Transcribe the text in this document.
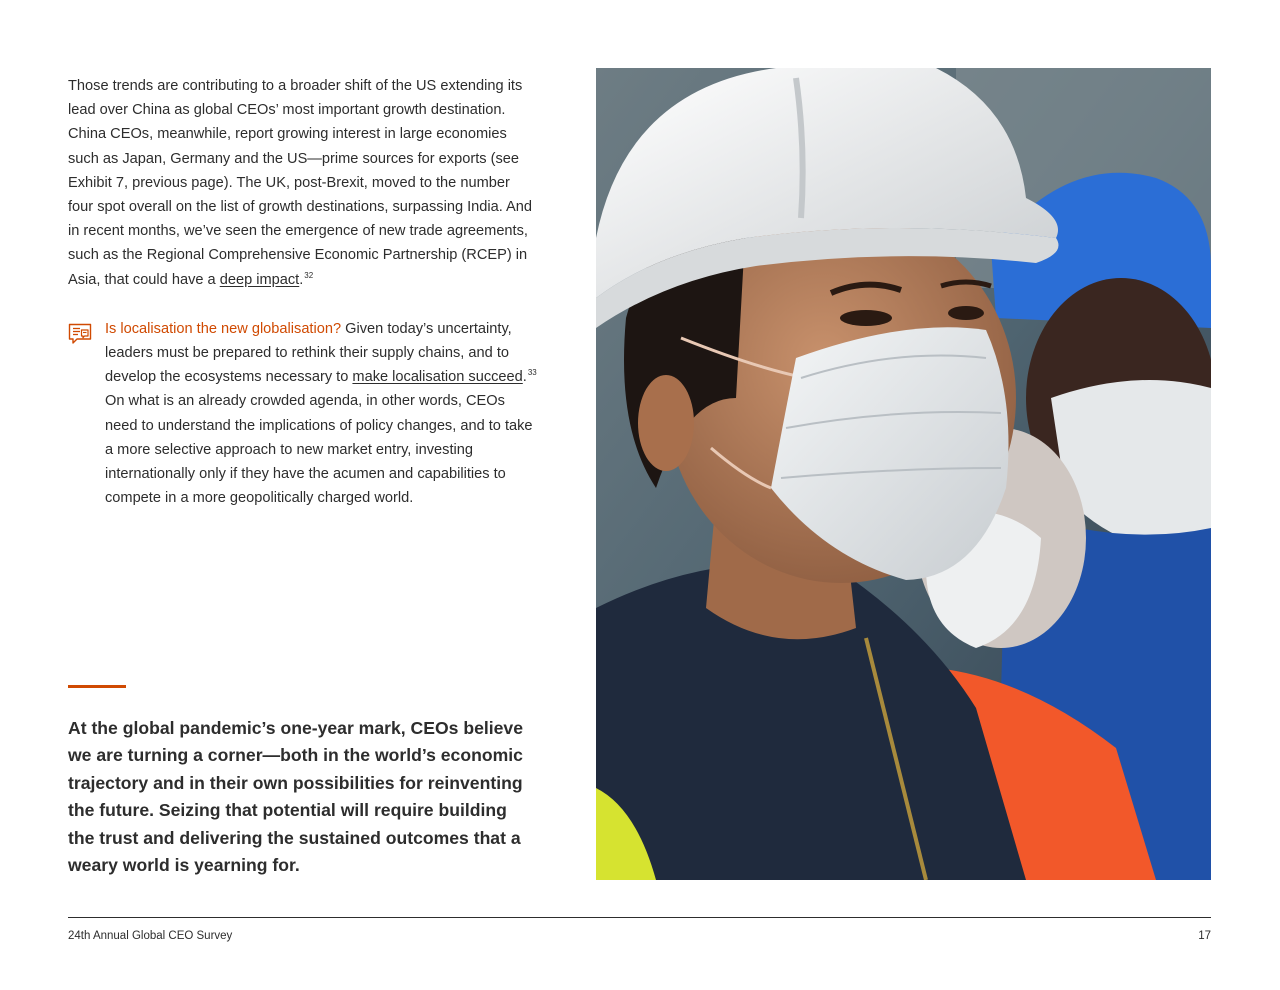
Those trends are contributing to a broader shift of the US extending its lead over China as global CEOs’ most important growth destination. China CEOs, meanwhile, report growing interest in large economies such as Japan, Germany and the US—prime sources for exports (see Exhibit 7, previous page). The UK, post-Brexit, moved to the number four spot overall on the list of growth destinations, surpassing India. And in recent months, we’ve seen the emergence of new trade agreements, such as the Regional Comprehensive Economic Partnership (RCEP) in Asia, that could have a deep impact.$^{32}$

Is localisation the new globalisation? Given today’s uncertainty, leaders must be prepared to rethink their supply chains, and to develop the ecosystems necessary to make localisation succeed.$^{33}$ On what is an already crowded agenda, in other words, CEOs need to understand the implications of policy changes, and to take a more selective approach to new market entry, investing internationally only if they have the acumen and capabilities to compete in a more geopolitically charged world.

At the global pandemic’s one-year mark, CEOs believe we are turning a corner—both in the world’s economic trajectory and in their own possibilities for reinventing the future. Seizing that potential will require building the trust and delivering the sustained outcomes that a weary world is yearning for.

24th Annual Global CEO Survey	17
